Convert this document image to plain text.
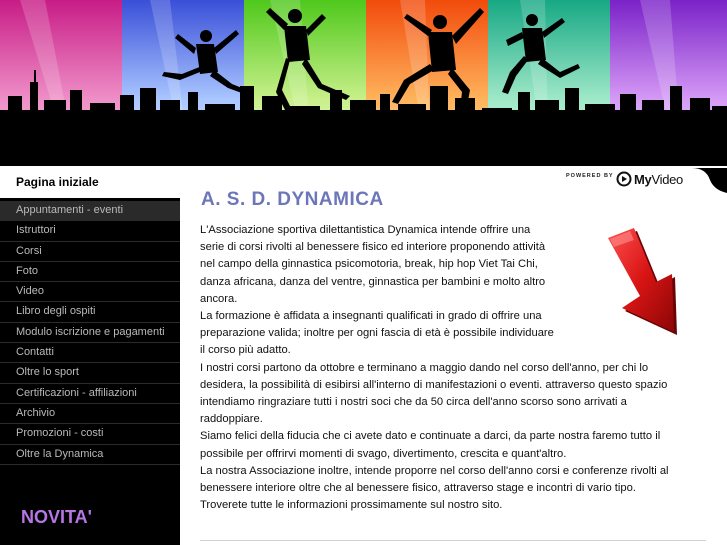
Pagina iniziale
Appuntamenti - eventi
Istruttori
Corsi
Foto
Video
Libro degli ospiti
Modulo iscrizione e pagamenti
Contatti
Oltre lo sport
Certificazioni - affiliazioni
Archivio
Promozioni - costi
Oltre la Dynamica
NOVITA'
POWERED BY MyVideo
A. S. D. DYNAMICA

L'Associazione sportiva dilettantistica Dynamica intende offrire una

serie di corsi rivolti al benessere fisico ed interiore proponendo attività

nel campo della ginnastica psicomotoria, break, hip hop Viet Tai Chi,

danza africana, danza del ventre, ginnastica per bambini e molto altro

ancora.

La formazione è affidata a insegnanti qualificati in grado di offrire una

preparazione valida; inoltre per ogni fascia di età è possibile individuare

il corso più adatto.

I nostri corsi partono da ottobre e terminano a maggio dando nel corso dell'anno, per chi lo

desidera, la possibilità di esibirsi all'interno di manifestazioni o eventi. attraverso questo spazio

intendiamo ringraziare tutti i nostri soci che da 50 circa dell'anno scorso sono arrivati a

raddoppiare.

Siamo felici della fiducia che ci avete dato e continuate a darci, da parte nostra faremo tutto il

possibile per offrirvi momenti di svago, divertimento, crescita e quant'altro.

La nostra Associazione inoltre, intende proporre nel corso dell'anno corsi e conferenze rivolti al

benessere interiore oltre che al benessere fisico, attraverso stage e incontri di vario tipo.

Troverete tutte le informazioni prossimamente sul nostro sito.
